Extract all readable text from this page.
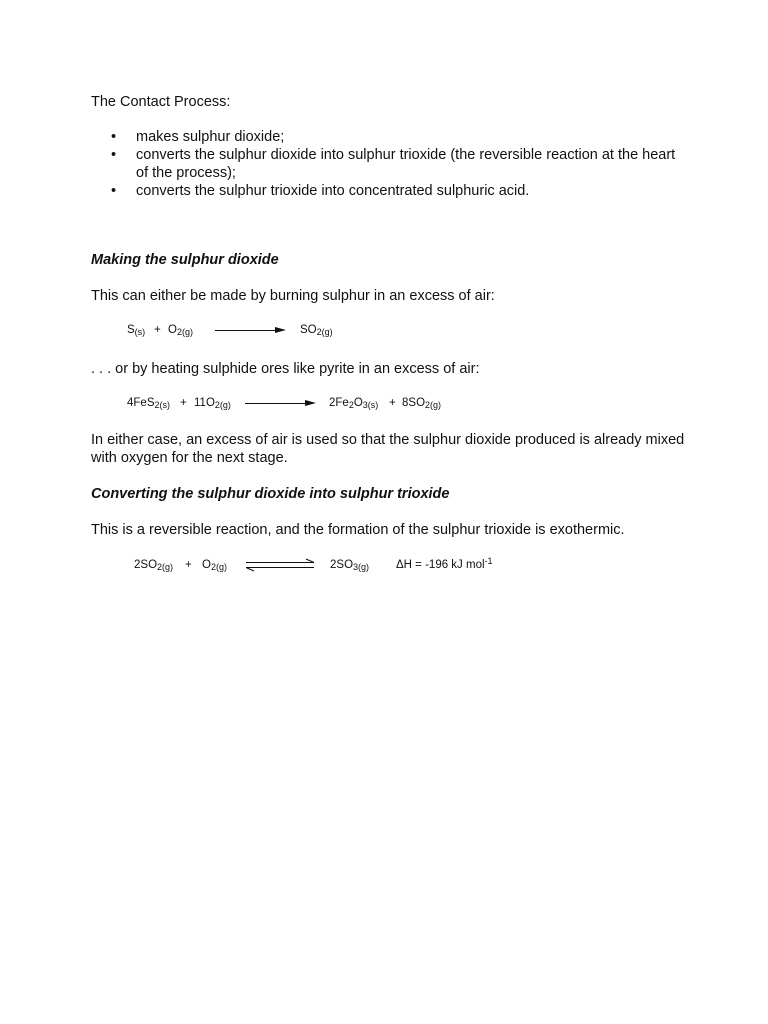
The Contact Process:

• makes sulphur dioxide;
• converts the sulphur dioxide into sulphur trioxide (the reversible reaction at the heart of the process);
• converts the sulphur trioxide into concentrated sulphuric acid.

Making the sulphur dioxide

This can either be made by burning sulphur in an excess of air:

$S_{(s)} + O_{2(g)}$	$SO_{2(g)}$

. . . or by heating sulphide ores like pyrite in an excess of air:

$4FeS_{2(s)} + 11O_{2(g)}$	$2Fe_2O_{3(s)} + 8SO_{2(g)}$

In either case, an excess of air is used so that the sulphur dioxide produced is already mixed with oxygen for the next stage.

Converting the sulphur dioxide into sulphur trioxide

This is a reversible reaction, and the formation of the sulphur trioxide is exothermic.

$2SO_{2(g)} + O_{2(g)}$	$2SO_{3(g)}$ ΔH = -196 kJ mol$^{-1}$
